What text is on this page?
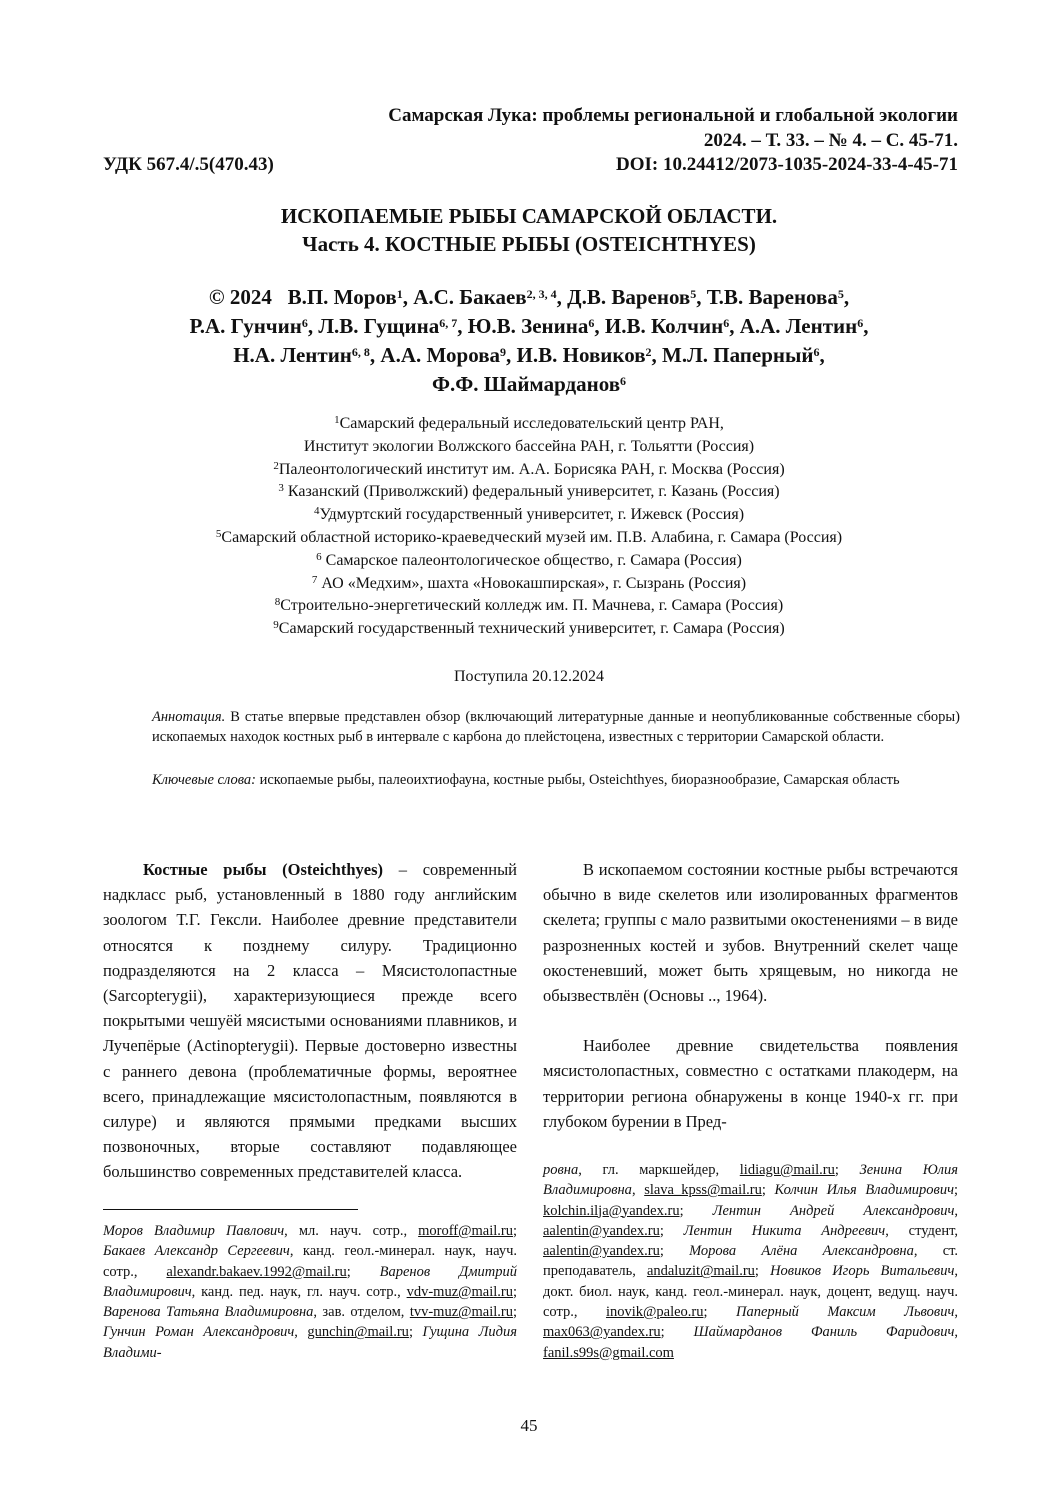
Самарская Лука: проблемы региональной и глобальной экологии
2024. – Т. 33. – № 4. – С. 45-71.
УДК 567.4/.5(470.43)	DOI: 10.24412/2073-1035-2024-33-4-45-71
ИСКОПАЕМЫЕ РЫБЫ САМАРСКОЙ ОБЛАСТИ.
Часть 4. КОСТНЫЕ РЫБЫ (OSTEICHTHYES)
© 2024 В.П. Моров$^1$, А.С. Бакаев$^{2, 3, 4}$, Д.В. Варенов$^5$, Т.В. Варенова$^5$,
Р.А. Гунчин$^6$, Л.В. Гущина$^{6, 7}$, Ю.В. Зенина$^6$, И.В. Колчин$^6$, А.А. Лентин$^6$,
Н.А. Лентин$^{6, 8}$, А.А. Морова$^9$, И.В. Новиков$^2$, М.Л. Паперный$^6$,
Ф.Ф. Шаймарданов$^6$
$^1$Самарский федеральный исследовательский центр РАН,
Институт экологии Волжского бассейна РАН, г. Тольятти (Россия)
$^2$Палеонтологический институт им. А.А. Борисяка РАН, г. Москва (Россия)
$^3$ Казанский (Приволжский) федеральный университет, г. Казань (Россия)
$^4$Удмуртский государственный университет, г. Ижевск (Россия)
$^5$Самарский областной историко-краеведческий музей им. П.В. Алабина, г. Самара (Россия)
$^6$ Самарское палеонтологическое общество, г. Самара (Россия)
$^7$ АО «Медхим», шахта «Новокашпирская», г. Сызрань (Россия)
$^8$Строительно-энергетический колледж им. П. Мачнева, г. Самара (Россия)
$^9$Самарский государственный технический университет, г. Самара (Россия)
Поступила 20.12.2024
Аннотация. В статье впервые представлен обзор (включающий литературные данные и неопубликованные собственные сборы) ископаемых находок костных рыб в интервале с карбона до плейстоцена, известных с территории Самарской области.
Ключевые слова: ископаемые рыбы, палеоихтиофауна, костные рыбы, Osteichthyes, биоразнообразие, Самарская область

Костные рыбы (Osteichthyes) – современный надкласс рыб, установленный в 1880 году английским зоологом Т.Г. Гексли. Наиболее древние представители относятся к позднему силуру. Традиционно подразделяются на 2 класса – Мясистолопастные (Sarcopterygii), характеризующиеся прежде всего покрытыми чешуёй мясистыми основаниями плавников, и Лучепёрые (Actinopterygii). Первые достоверно известны с раннего девона (проблематичные формы, вероятнее всего, принадлежащие мясистолопастным, появляются в силуре) и являются прямыми предками высших позвоночных, вторые составляют подавляющее большинство современных представителей класса.

В ископаемом состоянии костные рыбы встречаются обычно в виде скелетов или изолированных фрагментов скелета; группы с мало развитыми окостенениями – в виде разрозненных костей и зубов. Внутренний скелет чаще окостеневший, может быть хрящевым, но никогда не обызвествлён (Основы .., 1964).

Наиболее древние свидетельства появления мясистолопастных, совместно с остатками плакодерм, на территории региона обнаружены в конце 1940-х гг. при глубоком бурении в Пред-

Моров Владимир Павлович, мл. науч. сотр., moroff@mail.ru; Бакаев Александр Сергеевич, канд. геол.-минерал. наук, науч. сотр., alexandr.bakaev.1992@mail.ru; Варенов Дмитрий Владимирович, канд. пед. наук, гл. науч. сотр., vdv-muz@mail.ru; Варенова Татьяна Владимировна, зав. отделом, tvv-muz@mail.ru; Гунчин Роман Александрович, gunchin@mail.ru; Гущина Лидия Владими-

ровна, гл. маркшейдер, lidiagu@mail.ru; Зенина Юлия Владимировна, slava_kpss@mail.ru; Колчин Илья Владимирович; kolchin.ilja@yandex.ru; Лентин Андрей Александрович, aalentin@yandex.ru; Лентин Никита Андреевич, студент, aalentin@yandex.ru; Морова Алёна Александровна, ст. преподаватель, andaluzit@mail.ru; Новиков Игорь Витальевич, докт. биол. наук, канд. геол.-минерал. наук, доцент, ведущ. науч. сотр., inovik@paleo.ru; Паперный Максим Львович, max063@yandex.ru; Шаймарданов Фаниль Фаридович, fanil.s99s@gmail.com

45
